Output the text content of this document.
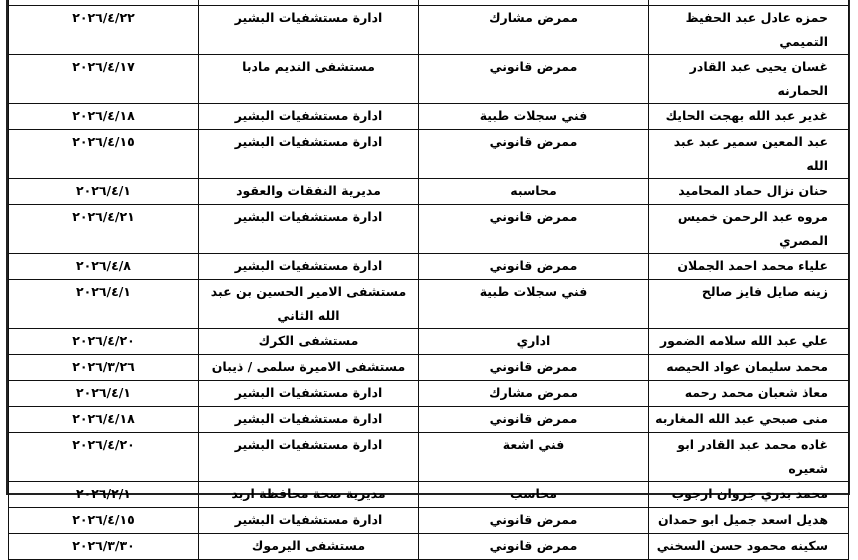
حمزه عادل عبد الحفيظ التميمي	ممرض مشارك	ادارة مستشفيات البشير	٢٠٢٦/٤/٢٢
غسان يحيى عبد القادر الحمارنه	ممرض قانوني	مستشفى النديم مادبا	٢٠٢٦/٤/١٧
غدير عبد الله بهجت الحايك	فني سجلات طبية	ادارة مستشفيات البشير	٢٠٢٦/٤/١٨
عبد المعين سمير عبد عبد الله	ممرض قانوني	ادارة مستشفيات البشير	٢٠٢٦/٤/١٥
حنان نزال حماد المحاميد	محاسبه	مديرية النفقات والعقود	٢٠٢٦/٤/١
مروه عبد الرحمن خميس المصري	ممرض قانوني	ادارة مستشفيات البشير	٢٠٢٦/٤/٢١
علياء محمد احمد الجملان	ممرض قانوني	ادارة مستشفيات البشير	٢٠٢٦/٤/٨
زينه صايل فايز صالح	فني سجلات طبية	مستشفى الامير الحسين بن عبد الله الثاني	٢٠٢٦/٤/١
علي عبد الله سلامه الضمور	اداري	مستشفى الكرك	٢٠٢٦/٤/٢٠
محمد سليمان عواد الحيصه	ممرض قانوني	مستشفى الاميرة سلمى / ذيبان	٢٠٢٦/٣/٢٦
معاذ شعبان محمد رحمه	ممرض مشارك	ادارة مستشفيات البشير	٢٠٢٦/٤/١
منى صبحي عبد الله المغاربه	ممرض قانوني	ادارة مستشفيات البشير	٢٠٢٦/٤/١٨
غاده محمد عبد القادر ابو شعيره	فني اشعة	ادارة مستشفيات البشير	٢٠٢٦/٤/٢٠
محمد بدري جروان ارجوب	محاسب	مديرية صحة محافظة اربد	٢٠٢٦/٢/١
هديل اسعد جميل ابو حمدان	ممرض قانوني	ادارة مستشفيات البشير	٢٠٢٦/٤/١٥
سكينه محمود حسن السخني	ممرض قانوني	مستشفى اليرموك	٢٠٢٦/٣/٣٠
